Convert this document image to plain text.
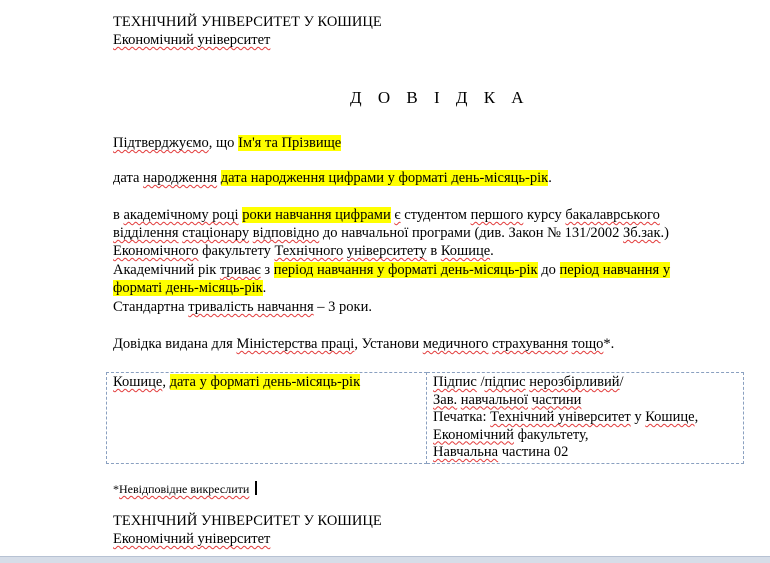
ТЕХНІЧНИЙ УНІВЕРСИТЕТ У КОШИЦЕ
Економічний університет
Д О В І Д К А
Підтверджуємо, що Ім'я та Прізвище
дата народження дата народження цифрами у форматі день-місяць-рік.
в академічному році роки навчання цифрами є студентом першого курсу бакалаврського
відділення стаціонару відповідно до навчальної програми (див. Закон № 131/2002 Зб.зак.)
Економічного факультету Технічного університету в Кошице.
Академічний рік триває з період навчання у форматі день-місяць-рік до період навчання у
форматі день-місяць-рік.
Стандартна тривалість навчання – 3 роки.
Довідка видана для Міністерства праці, Установи медичного страхування тощо*.
Кошице, дата у форматі день-місяць-рік	Підпис /підпис нерозбірливий/
Зав. навчальної частини
Печатка: Технічний університет у Кошице,
Економічний факультету,
Навчальна частина 02
*Невідповідне викреслити
ТЕХНІЧНИЙ УНІВЕРСИТЕТ У КОШИЦЕ
Економічний університет
